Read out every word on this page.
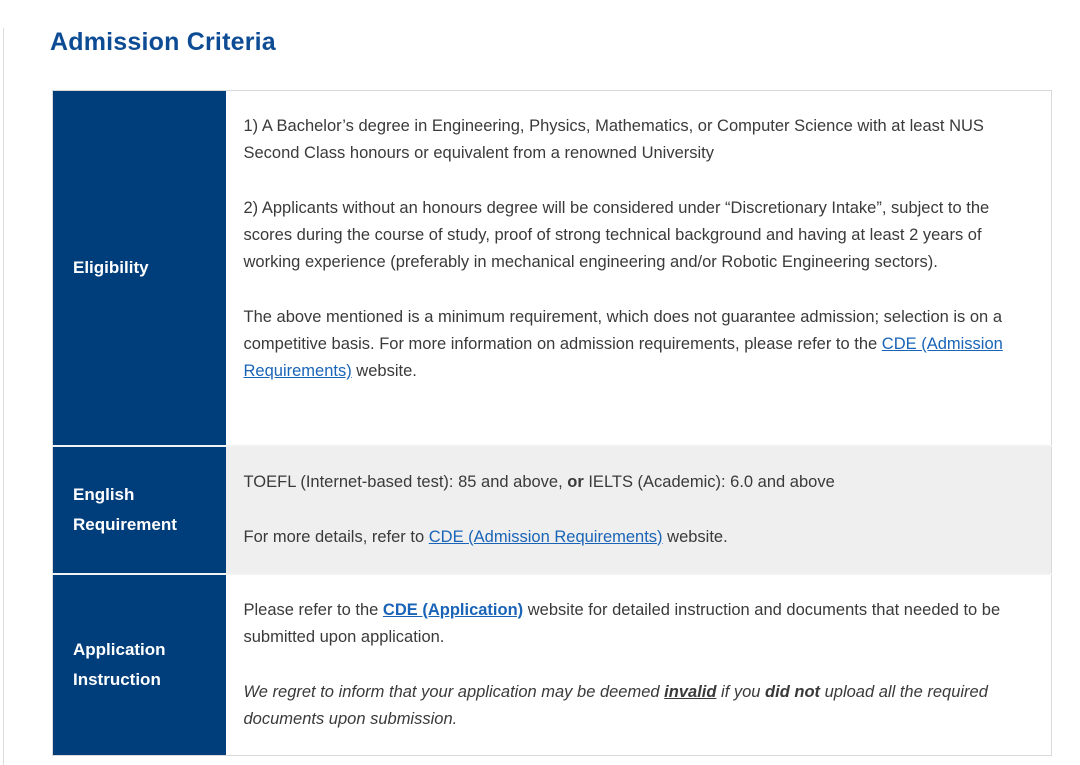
Admission Criteria
Eligibility	1) A Bachelor’s degree in Engineering, Physics, Mathematics, or Computer Science with at least NUS Second Class honours or equivalent from a renowned University

2) Applicants without an honours degree will be considered under “Discretionary Intake”, subject to the scores during the course of study, proof of strong technical background and having at least 2 years of working experience (preferably in mechanical engineering and/or Robotic Engineering sectors).

The above mentioned is a minimum requirement, which does not guarantee admission; selection is on a competitive basis. For more information on admission requirements, please refer to the CDE (Admission Requirements) website.

English Requirement	TOEFL (Internet-based test): 85 and above, or IELTS (Academic): 6.0 and above

For more details, refer to CDE (Admission Requirements) website.

Application Instruction	Please refer to the CDE (Application) website for detailed instruction and documents that needed to be submitted upon application.

We regret to inform that your application may be deemed invalid if you did not upload all the required documents upon submission.
